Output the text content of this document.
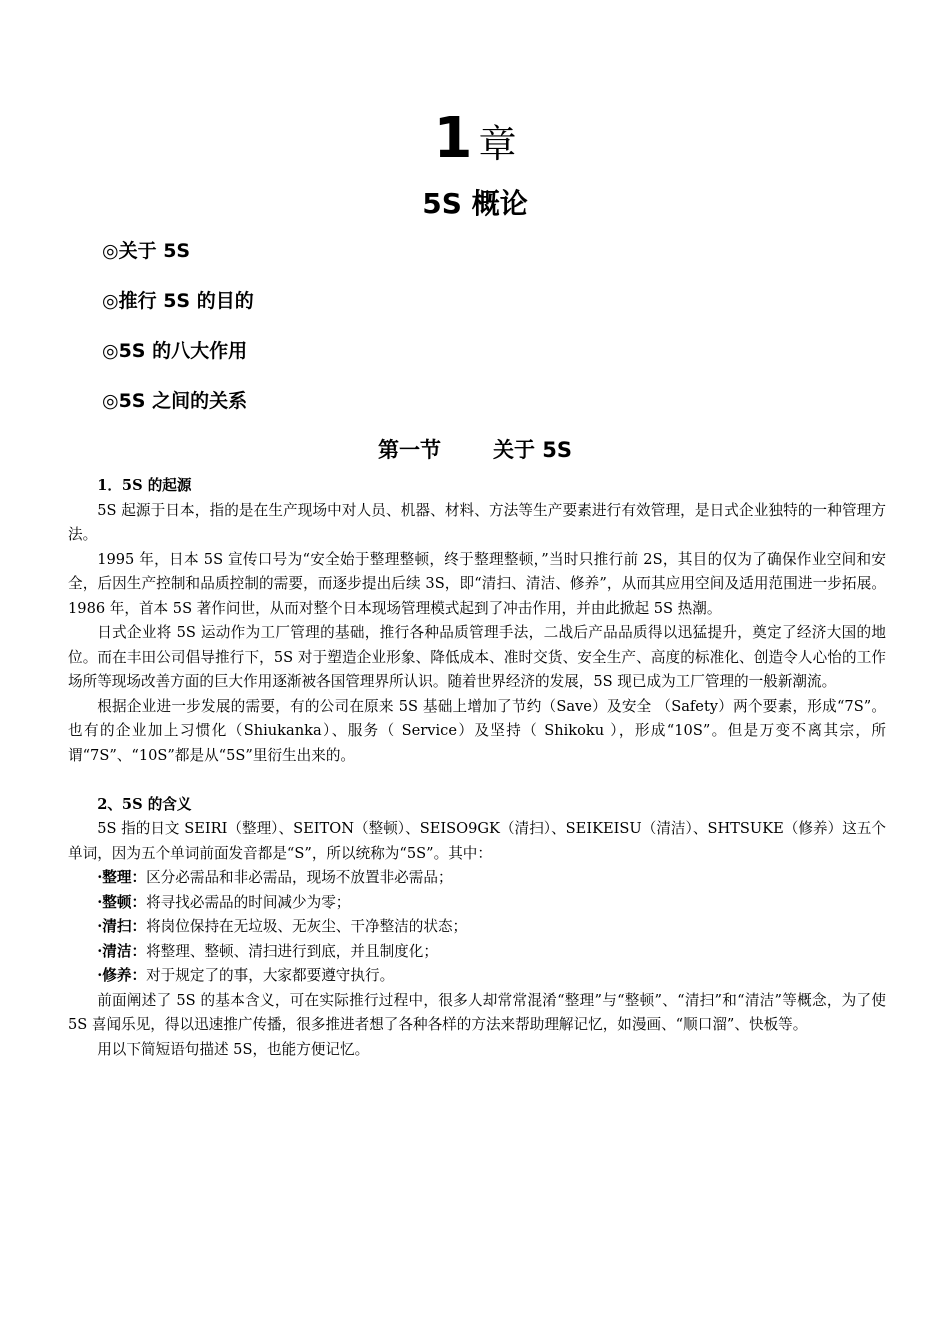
1 章
5S 概论
◎关于 5S
◎推行 5S 的目的
◎5S 的八大作用
◎5S 之间的关系
第一节 关于 5S
1．5S 的起源

5S 起源于日本，指的是在生产现场中对人员、机器、材料、方法等生产要素进行有效管理，是日式企业独特的一种管理方法。

1995 年，日本 5S 宣传口号为“安全始于整理整顿，终于整理整顿，”当时只推行前 2S，其目的仅为了确保作业空间和安全，后因生产控制和品质控制的需要，而逐步提出后续 3S，即“清扫、清洁、修养”，从而其应用空间及适用范围进一步拓展。1986 年，首本 5S 著作问世，从而对整个日本现场管理模式起到了冲击作用，并由此掀起 5S 热潮。

日式企业将 5S 运动作为工厂管理的基础，推行各种品质管理手法，二战后产品品质得以迅猛提升，奠定了经济大国的地位。而在丰田公司倡导推行下，5S 对于塑造企业形象、降低成本、准时交货、安全生产、高度的标准化、创造令人心怡的工作场所等现场改善方面的巨大作用逐渐被各国管理界所认识。随着世界经济的发展，5S 现已成为工厂管理的一般新潮流。

根据企业进一步发展的需要，有的公司在原来 5S 基础上增加了节约（Save）及安全 （Safety）两个要素，形成“7S”。也有的企业加上习惯化（Shiukanka）、服务（ Service）及坚持（ Shikoku ），形成“10S”。但是万变不离其宗，所谓“7S”、“10S”都是从“5S”里衍生出来的。

2、5S 的含义

5S 指的日文 SEIRI（整理）、SEITON（整顿）、SEISO9GK（清扫）、SEIKEISU（清洁）、SHTSUKE（修养）这五个单词，因为五个单词前面发音都是“S”，所以统称为“5S”。其中：

·整理：区分必需品和非必需品，现场不放置非必需品；

·整顿：将寻找必需品的时间减少为零；

·清扫：将岗位保持在无垃圾、无灰尘、干净整洁的状态；

·清洁：将整理、整顿、清扫进行到底，并且制度化；

·修养：对于规定了的事，大家都要遵守执行。

前面阐述了 5S 的基本含义，可在实际推行过程中，很多人却常常混淆“整理”与“整顿”、“清扫”和“清洁”等概念，为了使 5S 喜闻乐见，得以迅速推广传播，很多推进者想了各种各样的方法来帮助理解记忆，如漫画、“顺口溜”、快板等。

用以下简短语句描述 5S，也能方便记忆。
